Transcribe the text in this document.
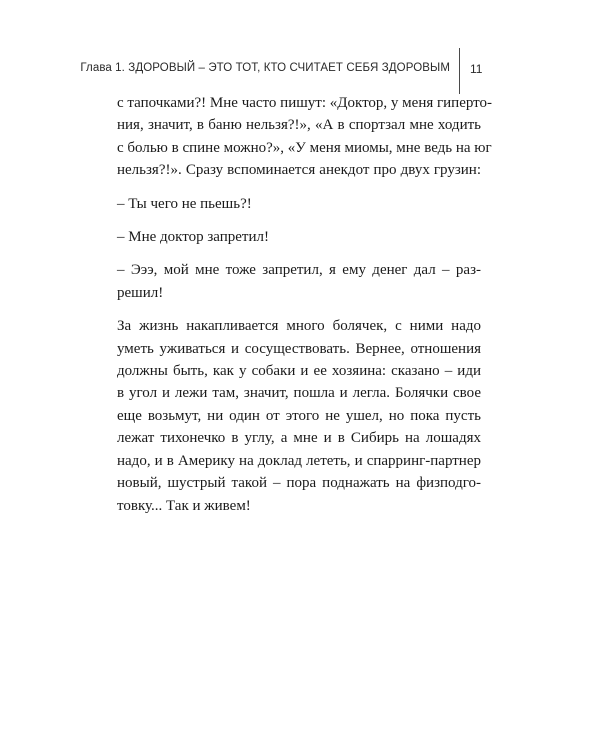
Глава 1. ЗДОРОВЫЙ – ЭТО ТОТ, КТО СЧИТАЕТ СЕБЯ ЗДОРОВЫМ 11

с тапочками?! Мне часто пишут: «Доктор, у меня гиперто-
ния, значит, в баню нельзя?!», «А в спортзал мне ходить
с болью в спине можно?», «У меня миомы, мне ведь на юг
нельзя?!». Сразу вспоминается анекдот про двух грузин:

– Ты чего не пьешь?!

– Мне доктор запретил!

– Эээ, мой мне тоже запретил, я ему денег дал – раз-
решил!

За жизнь накапливается много болячек, с ними надо
уметь уживаться и сосуществовать. Вернее, отношения
должны быть, как у собаки и ее хозяина: сказано – иди
в угол и лежи там, значит, пошла и легла. Болячки свое
еще возьмут, ни один от этого не ушел, но пока пусть
лежат тихонечко в углу, а мне и в Сибирь на лошадях
надо, и в Америку на доклад лететь, и спарринг-партнер
новый, шустрый такой – пора поднажать на физподго-
товку... Так и живем!
